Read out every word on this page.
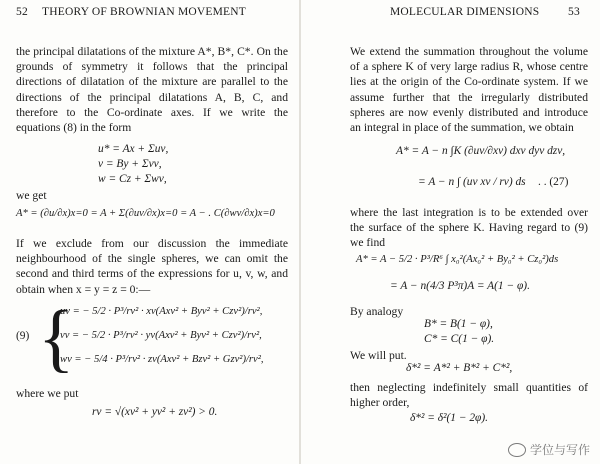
52 THEORY OF BROWNIAN MOVEMENT
the principal dilatations of the mixture A*, B*, C*. On the grounds of symmetry it follows that the principal directions of dilatation of the mixture are parallel to the directions of the principal dilatations A, B, C, and therefore to the Co-ordinate axes. If we write the equations (8) in the form
u* = Ax + Σuν,
v = By + Σvν,
w = Cz + Σwν,
we get
A* = (∂u/∂x)x=0 = A + Σ(∂uν/∂x)x=0 = A − . C(∂wν/∂x)x=0
If we exclude from our discussion the immediate neighbourhood of the single spheres, we can omit the second and third terms of the expressions for u, v, w, and obtain when x = y = z = 0:—
(9) {
uν = − 5/2 · P³/rν² · xν(Axν² + Byν² + Czν²)/rν²,
vν = − 5/2 · P³/rν² · yν(Axν² + Byν² + Czν²)/rν²,
wν = − 5/4 · P³/rν² · zν(Axν² + Bzν² + Gzν²)/rν²,
where we put
rν = √(xν² + yν² + zν²) > 0.
MOLECULAR DIMENSIONS 53
We extend the summation throughout the volume of a sphere K of very large radius R, whose centre lies at the origin of the Co-ordinate system. If we assume further that the irregularly distributed spheres are now evenly distributed and introduce an integral in place of the summation, we obtain
A* = A − n ∫K (∂uν/∂xν) dxν dyν dzν,
= A − n ∫ (uν xν / rν) ds . . (27)
where the last integration is to be extended over the surface of the sphere K. Having regard to (9) we find
A* = A − 5/2 · P³/R⁶ ∫ x₀²(Ax₀² + By₀² + Cz₀²)ds
= A − n(4/3 P³π)A = A(1 − φ).
By analogy
B* = B(1 − φ),
C* = C(1 − φ).
We will put.
δ*² = A*² + B*² + C*²,
then neglecting indefinitely small quantities of higher order,
δ*² = δ²(1 − 2φ).
学位与写作
